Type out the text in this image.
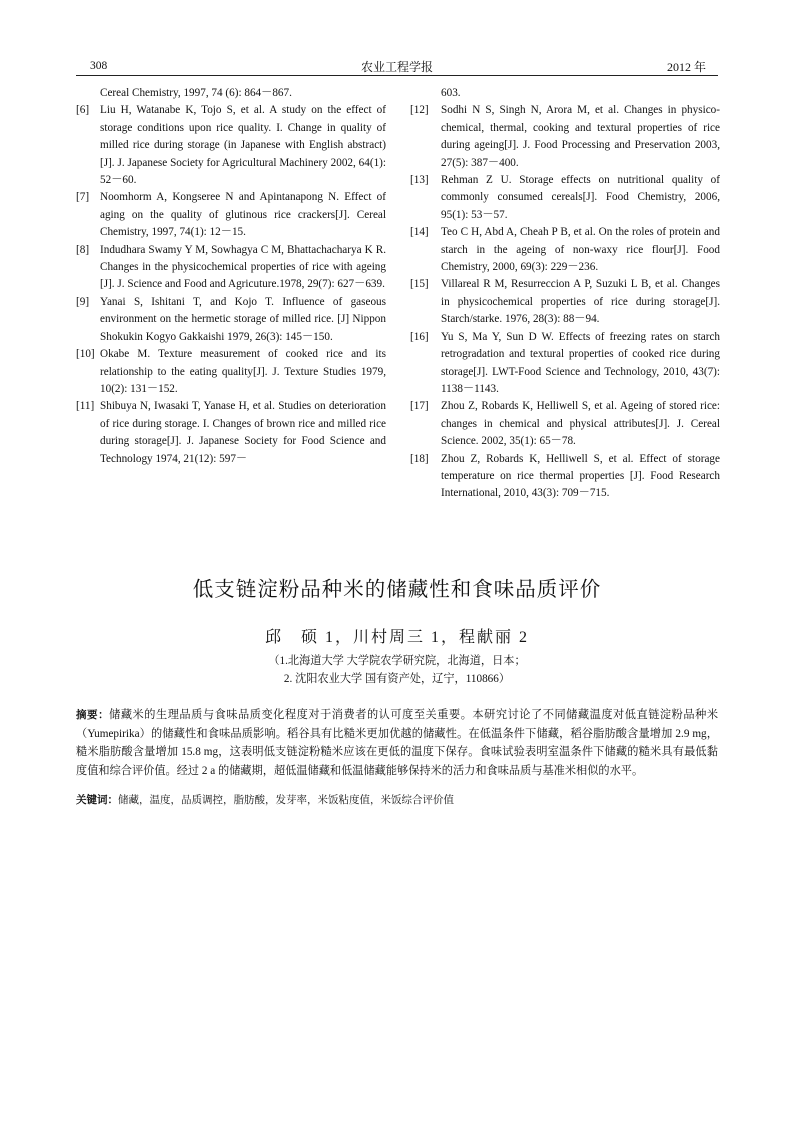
308	农业工程学报	2012 年
Cereal Chemistry, 1997, 74 (6): 864－867.
[6] Liu H, Watanabe K, Tojo S, et al. A study on the effect of storage conditions upon rice quality. I. Change in quality of milled rice during storage (in Japanese with English abstract)[J]. J. Japanese Society for Agricultural Machinery 2002, 64(1): 52－60.
[7] Noomhorm A, Kongseree N and Apintanapong N. Effect of aging on the quality of glutinous rice crackers[J]. Cereal Chemistry, 1997, 74(1): 12－15.
[8] Indudhara Swamy Y M, Sowhagya C M, Bhattachacharya K R. Changes in the physicochemical properties of rice with ageing [J]. J. Science and Food and Agricuture.1978, 29(7): 627－639.
[9] Yanai S, Ishitani T, and Kojo T. Influence of gaseous environment on the hermetic storage of milled rice. [J] Nippon Shokukin Kogyo Gakkaishi 1979, 26(3): 145－150.
[10] Okabe M. Texture measurement of cooked rice and its relationship to the eating quality[J]. J. Texture Studies 1979, 10(2): 131－152.
[11] Shibuya N, Iwasaki T, Yanase H, et al. Studies on deterioration of rice during storage. I. Changes of brown rice and milled rice during storage[J]. J. Japanese Society for Food Science and Technology 1974, 21(12): 597－
603.
[12] Sodhi N S, Singh N, Arora M, et al. Changes in physico-chemical, thermal, cooking and textural properties of rice during ageing[J]. J. Food Processing and Preservation 2003, 27(5): 387－400.
[13] Rehman Z U. Storage effects on nutritional quality of commonly consumed cereals[J]. Food Chemistry, 2006, 95(1): 53－57.
[14] Teo C H, Abd A, Cheah P B, et al. On the roles of protein and starch in the ageing of non-waxy rice flour[J]. Food Chemistry, 2000, 69(3): 229－236.
[15] Villareal R M, Resurreccion A P, Suzuki L B, et al. Changes in physicochemical properties of rice during storage[J]. Starch/starke. 1976, 28(3): 88－94.
[16] Yu S, Ma Y, Sun D W. Effects of freezing rates on starch retrogradation and textural properties of cooked rice during storage[J]. LWT-Food Science and Technology, 2010, 43(7): 1138－1143.
[17] Zhou Z, Robards K, Helliwell S, et al. Ageing of stored rice: changes in chemical and physical attributes[J]. J. Cereal Science. 2002, 35(1): 65－78.
[18] Zhou Z, Robards K, Helliwell S, et al. Effect of storage temperature on rice thermal properties [J]. Food Research International, 2010, 43(3): 709－715.
低支链淀粉品种米的储藏性和食味品质评价
邱　硕 1，川村周三 1，程献丽 2
（1.北海道大学 大学院农学研究院，北海道，日本；
2. 沈阳农业大学 国有资产处，辽宁，110866）
摘要：储藏米的生理品质与食味品质变化程度对于消费者的认可度至关重要。本研究讨论了不同储藏温度对低直链淀粉品种米（Yumepirika）的储藏性和食味品质影响。稻谷具有比糙米更加优越的储藏性。在低温条件下储藏，稻谷脂肪酸含量增加 2.9 mg，糙米脂肪酸含量增加 15.8 mg，这表明低支链淀粉糙米应该在更低的温度下保存。食味试验表明室温条件下储藏的糙米具有最低黏度值和综合评价值。经过 2 a 的储藏期，超低温储藏和低温储藏能够保持米的活力和食味品质与基准米相似的水平。
关键词：储藏，温度，品质调控，脂肪酸，发芽率，米饭粘度值，米饭综合评价值
